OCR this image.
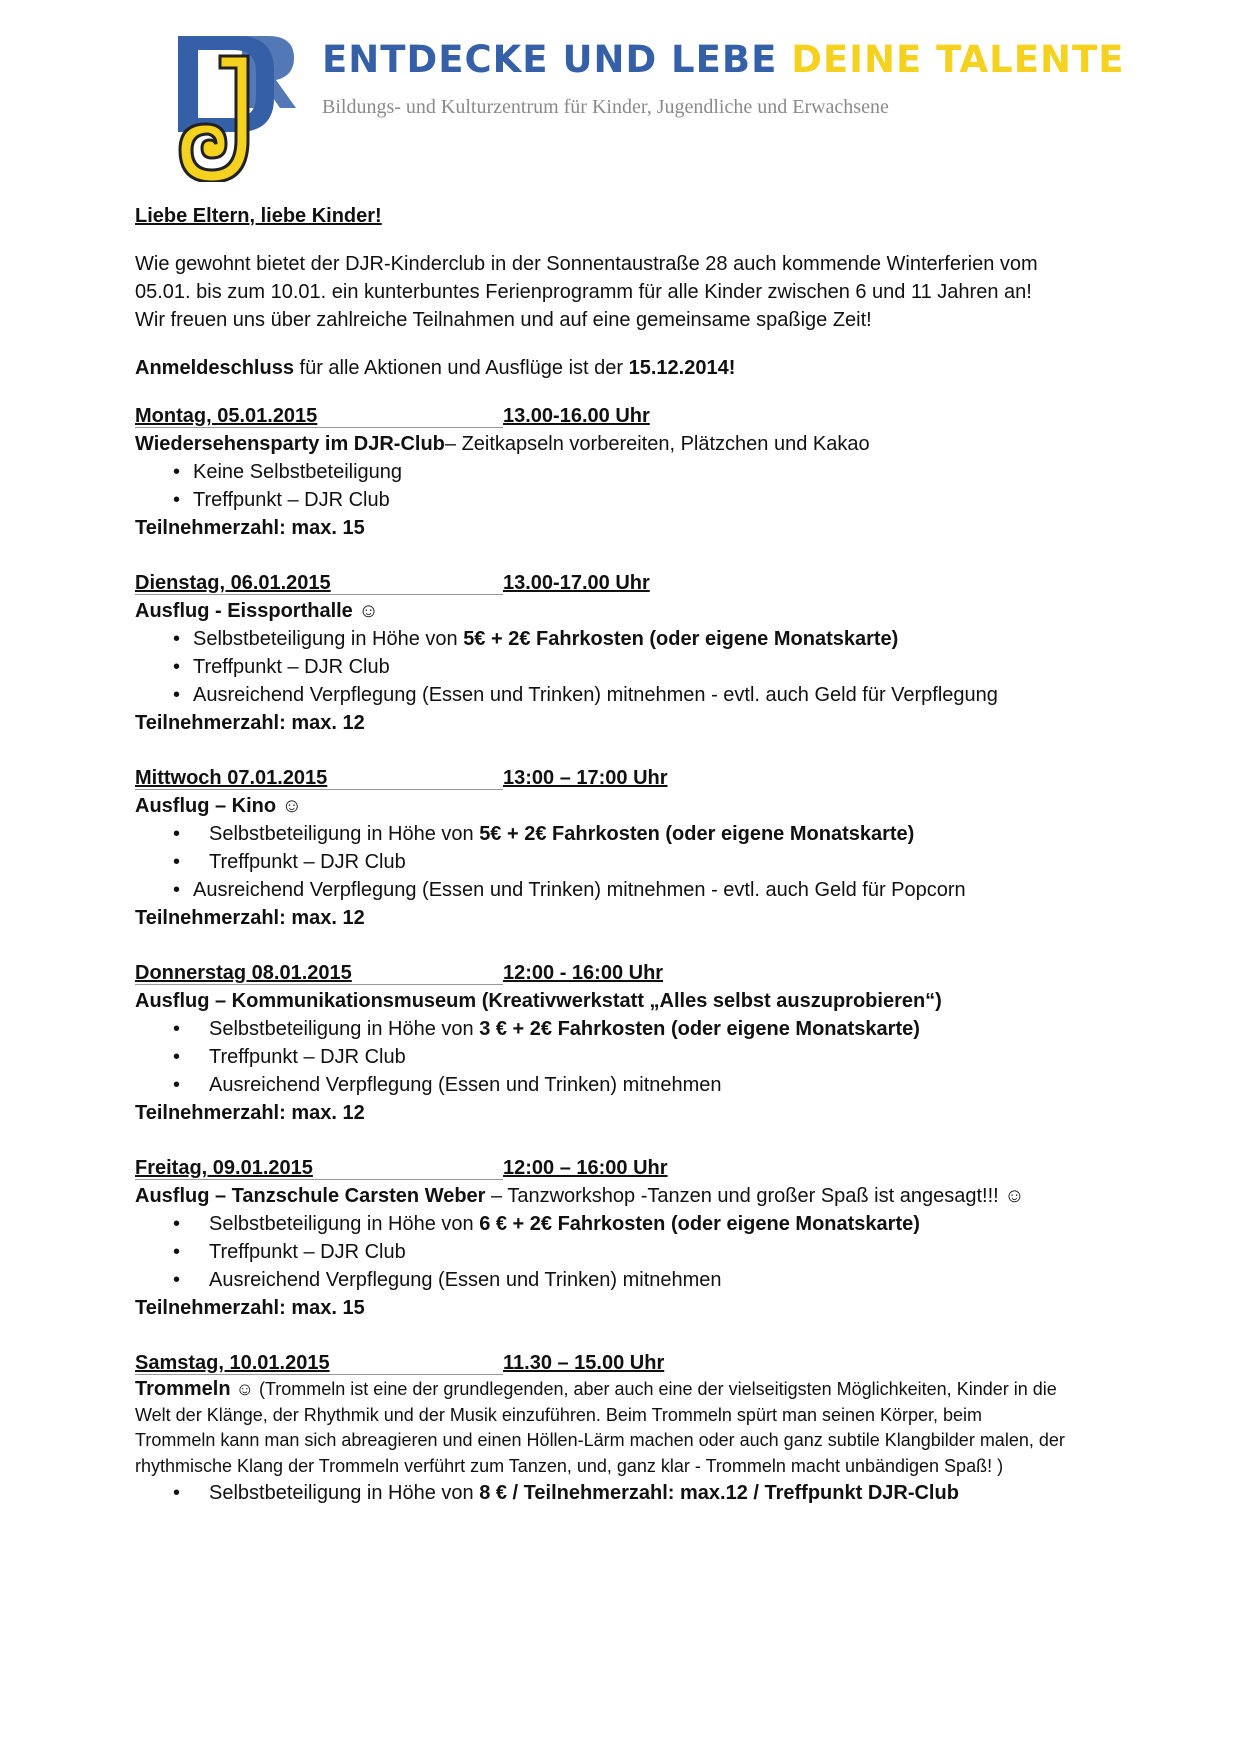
ENTDECKE UND LEBE DEINE TALENTE
Bildungs- und Kulturzentrum für Kinder, Jugendliche und Erwachsene

Liebe Eltern, liebe Kinder!

Wie gewohnt bietet der DJR-Kinderclub in der Sonnentaustraße 28 auch kommende Winterferien vom 05.01. bis zum 10.01. ein kunterbuntes Ferienprogramm für alle Kinder zwischen 6 und 11 Jahren an! Wir freuen uns über zahlreiche Teilnahmen und auf eine gemeinsame spaßige Zeit!

Anmeldeschluss für alle Aktionen und Ausflüge ist der 15.12.2014!

Montag, 05.01.2015	13.00-16.00 Uhr

Wiedersehensparty im DJR-Club– Zeitkapseln vorbereiten, Plätzchen und Kakao

• Keine Selbstbeteiligung
• Treffpunkt – DJR Club
Teilnehmerzahl: max. 15
Dienstag, 06.01.2015	13.00-17.00 Uhr

Ausflug - Eissporthalle ☺

• Selbstbeteiligung in Höhe von 5€ + 2€ Fahrkosten (oder eigene Monatskarte)
• Treffpunkt – DJR Club
• Ausreichend Verpflegung (Essen und Trinken) mitnehmen - evtl. auch Geld für Verpflegung
Teilnehmerzahl: max. 12
Mittwoch 07.01.2015	13:00 – 17:00 Uhr

Ausflug – Kino ☺

• Selbstbeteiligung in Höhe von 5€ + 2€ Fahrkosten (oder eigene Monatskarte)
• Treffpunkt – DJR Club
• Ausreichend Verpflegung (Essen und Trinken) mitnehmen - evtl. auch Geld für Popcorn
Teilnehmerzahl: max. 12
Donnerstag 08.01.2015	12:00 - 16:00 Uhr

Ausflug – Kommunikationsmuseum (Kreativwerkstatt „Alles selbst auszuprobieren“)

• Selbstbeteiligung in Höhe von 3 € + 2€ Fahrkosten (oder eigene Monatskarte)
• Treffpunkt – DJR Club
• Ausreichend Verpflegung (Essen und Trinken) mitnehmen
Teilnehmerzahl: max. 12
Freitag, 09.01.2015	12:00 – 16:00 Uhr

Ausflug – Tanzschule Carsten Weber – Tanzworkshop -Tanzen und großer Spaß ist angesagt!!! ☺

• Selbstbeteiligung in Höhe von 6 € + 2€ Fahrkosten (oder eigene Monatskarte)
• Treffpunkt – DJR Club
• Ausreichend Verpflegung (Essen und Trinken) mitnehmen
Teilnehmerzahl: max. 15
Samstag, 10.01.2015	11.30 – 15.00 Uhr

Trommeln ☺ (Trommeln ist eine der grundlegenden, aber auch eine der vielseitigsten Möglichkeiten, Kinder in die Welt der Klänge, der Rhythmik und der Musik einzuführen. Beim Trommeln spürt man seinen Körper, beim Trommeln kann man sich abreagieren und einen Höllen-Lärm machen oder auch ganz subtile Klangbilder malen, der rhythmische Klang der Trommeln verführt zum Tanzen, und, ganz klar - Trommeln macht unbändigen Spaß! )

• Selbstbeteiligung in Höhe von 8 € / Teilnehmerzahl: max.12 / Treffpunkt DJR-Club
